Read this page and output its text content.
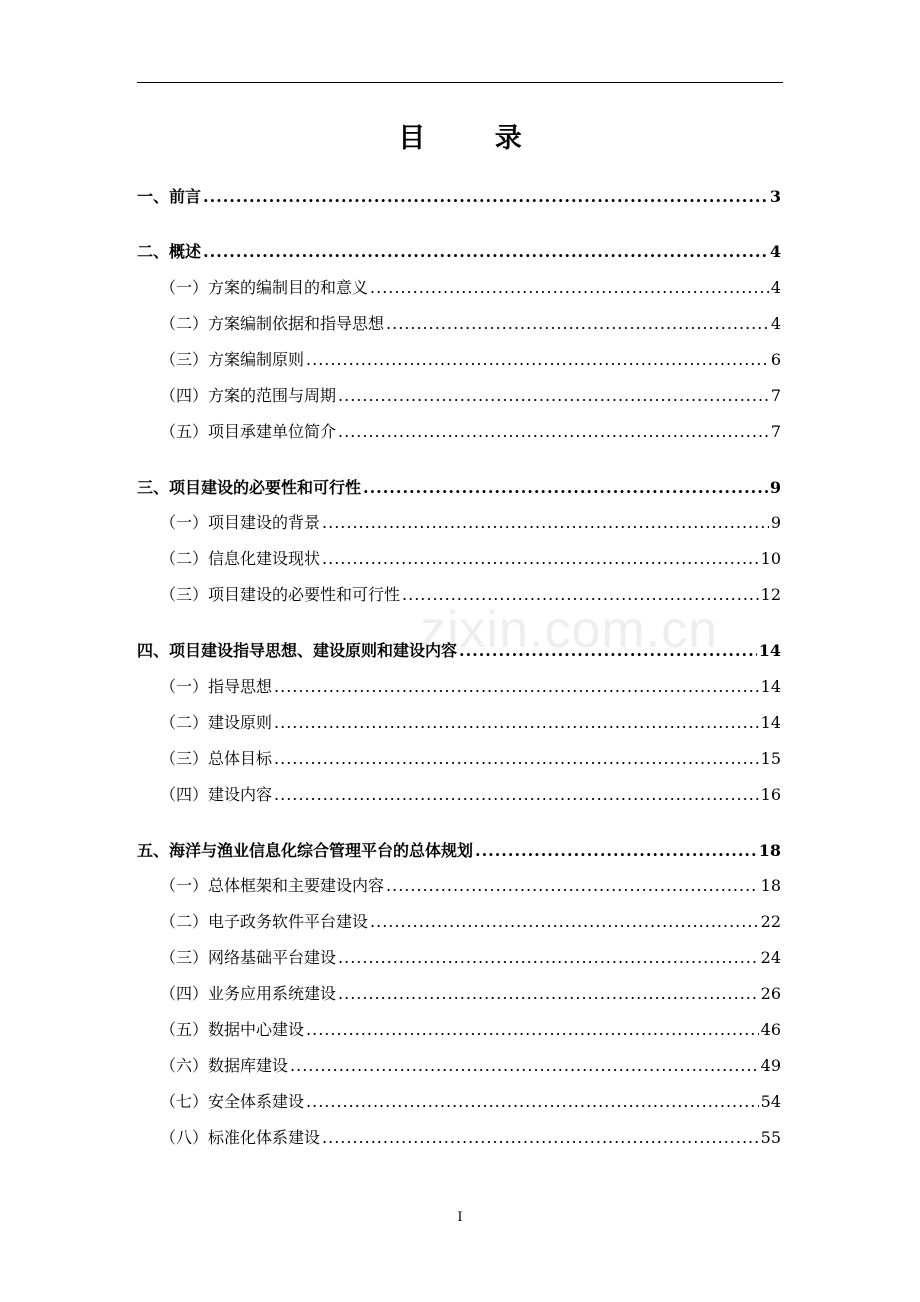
目 录
zixin.com.cn
一、前言 .....	3
二、概述 .....	4
（一）方案的编制目的和意义 .....	4
（二）方案编制依据和指导思想 .....	4
（三）方案编制原则 .....	6
（四）方案的范围与周期 .....	7
（五）项目承建单位简介 .....	7
三、项目建设的必要性和可行性 .....	9
（一）项目建设的背景 .....	9
（二）信息化建设现状 .....	10
（三）项目建设的必要性和可行性 .....	12
四、项目建设指导思想、建设原则和建设内容 .....	14
（一）指导思想 .....	14
（二）建设原则 .....	14
（三）总体目标 .....	15
（四）建设内容 .....	16
五、海洋与渔业信息化综合管理平台的总体规划 .....	18
（一）总体框架和主要建设内容 .....	18
（二）电子政务软件平台建设 .....	22
（三）网络基础平台建设 .....	24
（四）业务应用系统建设 .....	26
（五）数据中心建设 .....	46
（六）数据库建设 .....	49
（七）安全体系建设 .....	54
（八）标准化体系建设 .....	55
I
